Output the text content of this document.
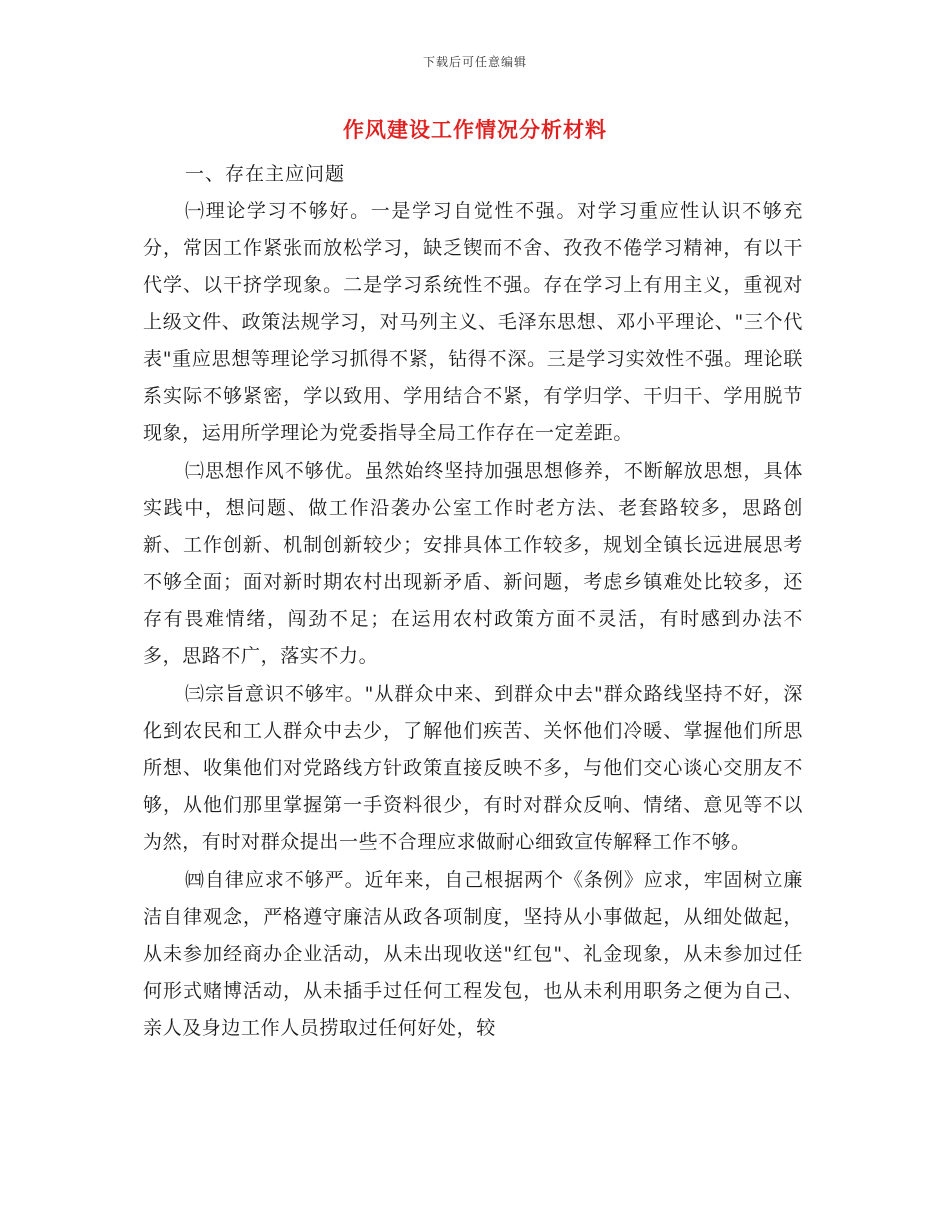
下载后可任意编辑
作风建设工作情况分析材料

一、存在主应问题

㈠理论学习不够好。一是学习自觉性不强。对学习重应性认识不够充分，常因工作紧张而放松学习，缺乏锲而不舍、孜孜不倦学习精神，有以干代学、以干挤学现象。二是学习系统性不强。存在学习上有用主义，重视对上级文件、政策法规学习，对马列主义、毛泽东思想、邓小平理论、"三个代表"重应思想等理论学习抓得不紧，钻得不深。三是学习实效性不强。理论联系实际不够紧密，学以致用、学用结合不紧，有学归学、干归干、学用脱节现象，运用所学理论为党委指导全局工作存在一定差距。

㈡思想作风不够优。虽然始终坚持加强思想修养，不断解放思想，具体实践中，想问题、做工作沿袭办公室工作时老方法、老套路较多，思路创新、工作创新、机制创新较少；安排具体工作较多，规划全镇长远进展思考不够全面；面对新时期农村出现新矛盾、新问题，考虑乡镇难处比较多，还存有畏难情绪，闯劲不足；在运用农村政策方面不灵活，有时感到办法不多，思路不广，落实不力。

㈢宗旨意识不够牢。"从群众中来、到群众中去"群众路线坚持不好，深化到农民和工人群众中去少，了解他们疾苦、关怀他们冷暖、掌握他们所思所想、收集他们对党路线方针政策直接反映不多，与他们交心谈心交朋友不够，从他们那里掌握第一手资料很少，有时对群众反响、情绪、意见等不以为然，有时对群众提出一些不合理应求做耐心细致宣传解释工作不够。

㈣自律应求不够严。近年来，自己根据两个《条例》应求，牢固树立廉洁自律观念，严格遵守廉洁从政各项制度，坚持从小事做起，从细处做起，从未参加经商办企业活动，从未出现收送"红包"、礼金现象，从未参加过任何形式赌博活动，从未插手过任何工程发包，也从未利用职务之便为自己、亲人及身边工作人员捞取过任何好处，较
